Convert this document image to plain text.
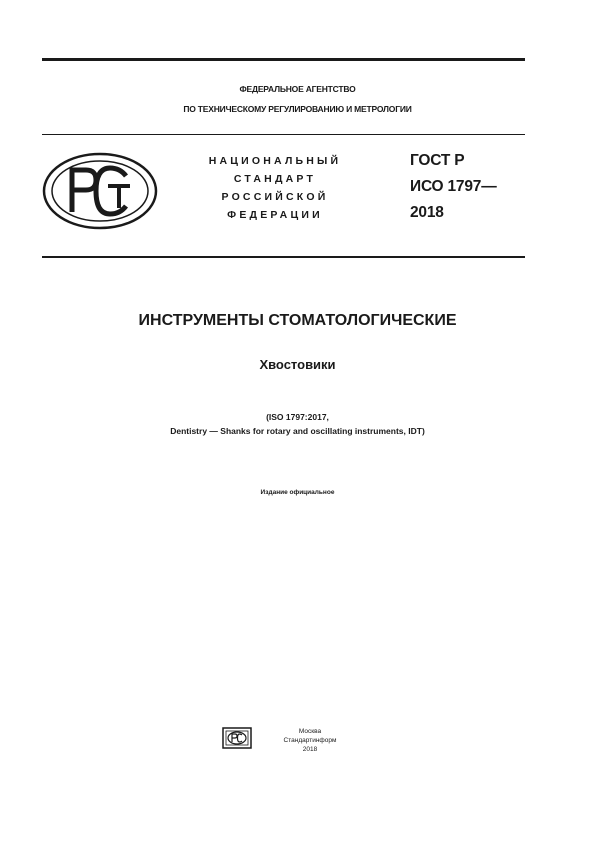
ФЕДЕРАЛЬНОЕ АГЕНТСТВО
ПО ТЕХНИЧЕСКОМУ РЕГУЛИРОВАНИЮ И МЕТРОЛОГИИ
НАЦИОНАЛЬНЫЙ
СТАНДАРТ
РОССИЙСКОЙ
ФЕДЕРАЦИИ
ГОСТ Р
ИСО 1797—
2018
ИНСТРУМЕНТЫ СТОМАТОЛОГИЧЕСКИЕ
Хвостовики
(ISO 1797:2017,
Dentistry — Shanks for rotary and oscillating instruments, IDT)
Издание официальное
Москва
Стандартинформ
2018
